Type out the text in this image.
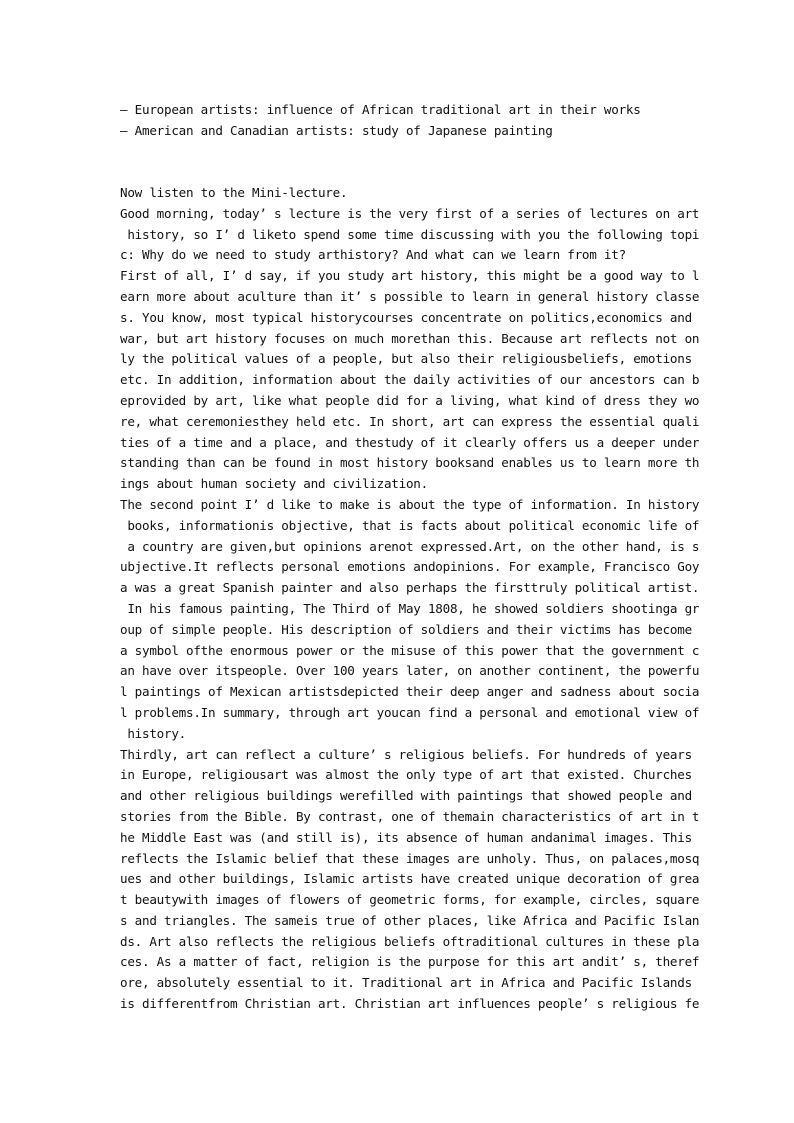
— European artists: influence of African traditional art in their works
— American and Canadian artists: study of Japanese painting
Now listen to the Mini-lecture.
Good morning, today’ s lecture is the very first of a series of lectures on art
history, so I’ d liketo spend some time discussing with you the following topi
c: Why do we need to study arthistory? And what can we learn from it?
First of all, I’ d say, if you study art history, this might be a good way to l
earn more about aculture than it’ s possible to learn in general history classe
s. You know, most typical historycourses concentrate on politics,economics and
war, but art history focuses on much morethan this. Because art reflects not on
ly the political values of a people, but also their religiousbeliefs, emotions
etc. In addition, information about the daily activities of our ancestors can b
eprovided by art, like what people did for a living, what kind of dress they wo
re, what ceremoniesthey held etc. In short, art can express the essential quali
ties of a time and a place, and thestudy of it clearly offers us a deeper under
standing than can be found in most history booksand enables us to learn more th
ings about human society and civilization.
The second point I’ d like to make is about the type of information. In history
books, informationis objective, that is facts about political economic life of
a country are given,but opinions arenot expressed.Art, on the other hand, is s
ubjective.It reflects personal emotions andopinions. For example, Francisco Goy
a was a great Spanish painter and also perhaps the firsttruly political artist.
In his famous painting, The Third of May 1808, he showed soldiers shootinga gr
oup of simple people. His description of soldiers and their victims has become
a symbol ofthe enormous power or the misuse of this power that the government c
an have over itspeople. Over 100 years later, on another continent, the powerfu
l paintings of Mexican artistsdepicted their deep anger and sadness about socia
l problems.In summary, through art youcan find a personal and emotional view of
history.
Thirdly, art can reflect a culture’ s religious beliefs. For hundreds of years
in Europe, religiousart was almost the only type of art that existed. Churches
and other religious buildings werefilled with paintings that showed people and
stories from the Bible. By contrast, one of themain characteristics of art in t
he Middle East was (and still is), its absence of human andanimal images. This
reflects the Islamic belief that these images are unholy. Thus, on palaces,mosq
ues and other buildings, Islamic artists have created unique decoration of grea
t beautywith images of flowers of geometric forms, for example, circles, square
s and triangles. The sameis true of other places, like Africa and Pacific Islan
ds. Art also reflects the religious beliefs oftraditional cultures in these pla
ces. As a matter of fact, religion is the purpose for this art andit’ s, theref
ore, absolutely essential to it. Traditional art in Africa and Pacific Islands
is differentfrom Christian art. Christian art influences people’ s religious fe
